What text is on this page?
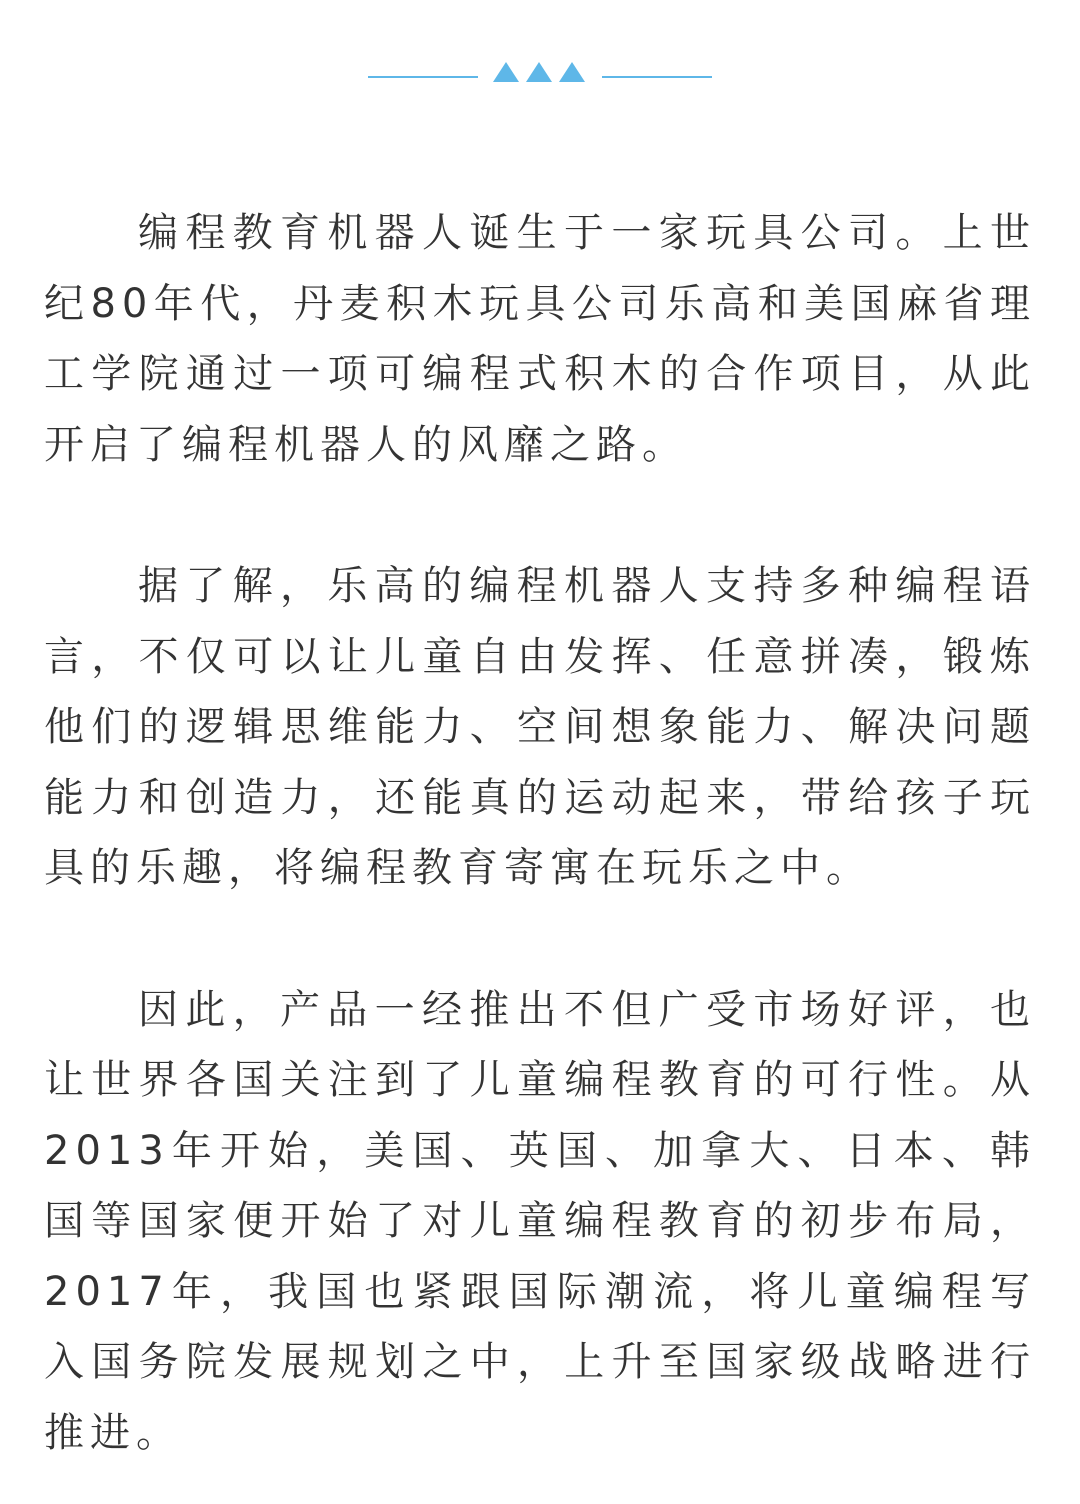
编程教育机器人诞生于一家玩具公司。上世纪80年代，丹麦积木玩具公司乐高和美国麻省理工学院通过一项可编程式积木的合作项目，从此开启了编程机器人的风靡之路。

据了解，乐高的编程机器人支持多种编程语言，不仅可以让儿童自由发挥、任意拼凑，锻炼他们的逻辑思维能力、空间想象能力、解决问题能力和创造力，还能真的运动起来，带给孩子玩具的乐趣，将编程教育寄寓在玩乐之中。

因此，产品一经推出不但广受市场好评，也让世界各国关注到了儿童编程教育的可行性。从2013年开始，美国、英国、加拿大、日本、韩国等国家便开始了对儿童编程教育的初步布局，2017年，我国也紧跟国际潮流，将儿童编程写入国务院发展规划之中，上升至国家级战略进行推进。
